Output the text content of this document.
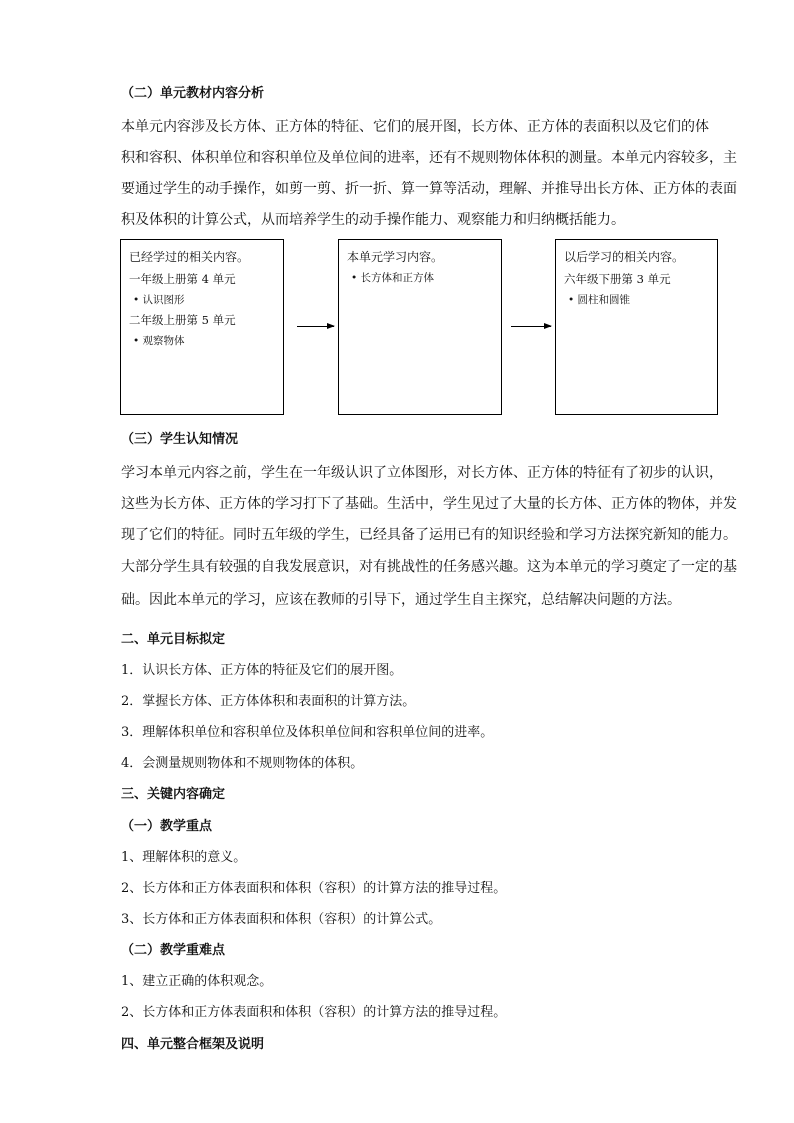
（二）单元教材内容分析
本单元内容涉及长方体、正方体的特征、它们的展开图，长方体、正方体的表面积以及它们的体
积和容积、体积单位和容积单位及单位间的进率，还有不规则物体体积的测量。本单元内容较多，主
要通过学生的动手操作，如剪一剪、折一折、算一算等活动，理解、并推导出长方体、正方体的表面
积及体积的计算公式，从而培养学生的动手操作能力、观察能力和归纳概括能力。
已经学过的相关内容。
一年级上册第 4 单元
• 认识图形
二年级上册第 5 单元
• 观察物体
本单元学习内容。
• 长方体和正方体
以后学习的相关内容。
六年级下册第 3 单元
• 圆柱和圆锥
（三）学生认知情况
学习本单元内容之前，学生在一年级认识了立体图形，对长方体、正方体的特征有了初步的认识，
这些为长方体、正方体的学习打下了基础。生活中，学生见过了大量的长方体、正方体的物体，并发
现了它们的特征。同时五年级的学生，已经具备了运用已有的知识经验和学习方法探究新知的能力。
大部分学生具有较强的自我发展意识，对有挑战性的任务感兴趣。这为本单元的学习奠定了一定的基
础。因此本单元的学习，应该在教师的引导下，通过学生自主探究，总结解决问题的方法。
二、单元目标拟定
1．认识长方体、正方体的特征及它们的展开图。
2．掌握长方体、正方体体积和表面积的计算方法。
3．理解体积单位和容积单位及体积单位间和容积单位间的进率。
4．会测量规则物体和不规则物体的体积。
三、关键内容确定
（一）教学重点
1、理解体积的意义。
2、长方体和正方体表面积和体积（容积）的计算方法的推导过程。
3、长方体和正方体表面积和体积（容积）的计算公式。
（二）教学重难点
1、建立正确的体积观念。
2、长方体和正方体表面积和体积（容积）的计算方法的推导过程。
四、单元整合框架及说明
